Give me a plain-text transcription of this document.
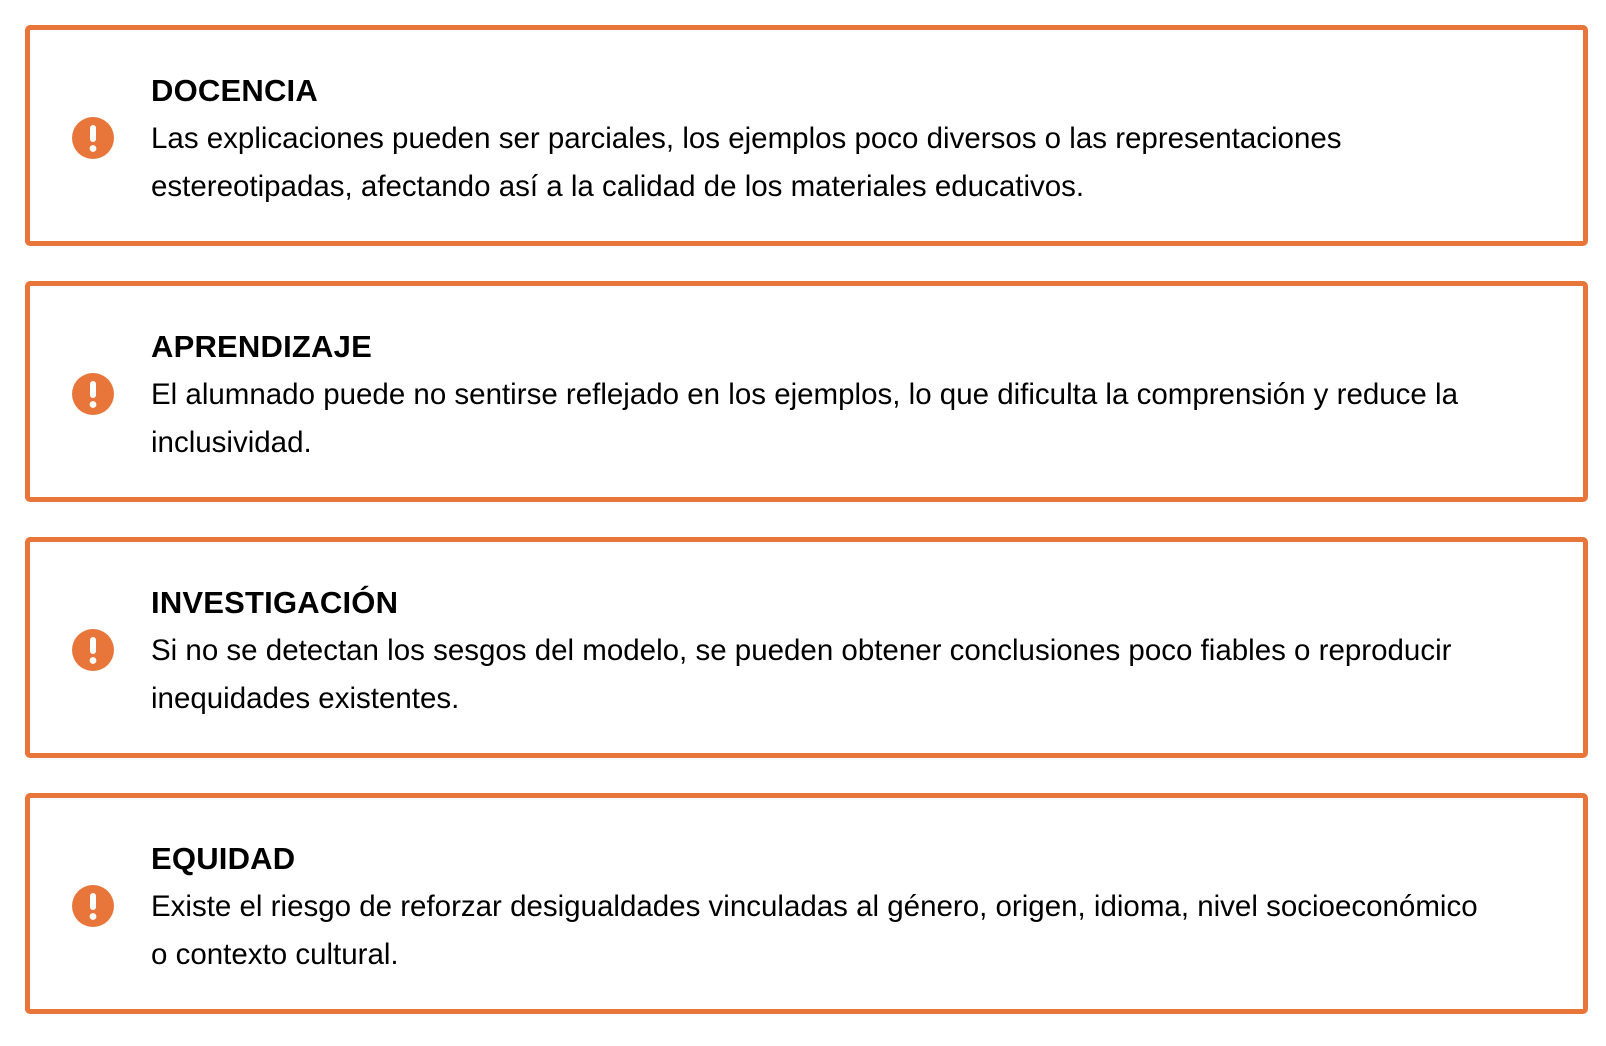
DOCENCIA

Las explicaciones pueden ser parciales, los ejemplos poco diversos o las representaciones estereotipadas, afectando así a la calidad de los materiales educativos.

APRENDIZAJE

El alumnado puede no sentirse reflejado en los ejemplos, lo que dificulta la comprensión y reduce la inclusividad.

INVESTIGACIÓN

Si no se detectan los sesgos del modelo, se pueden obtener conclusiones poco fiables o reproducir inequidades existentes.

EQUIDAD

Existe el riesgo de reforzar desigualdades vinculadas al género, origen, idioma, nivel socioeconómico o contexto cultural.
